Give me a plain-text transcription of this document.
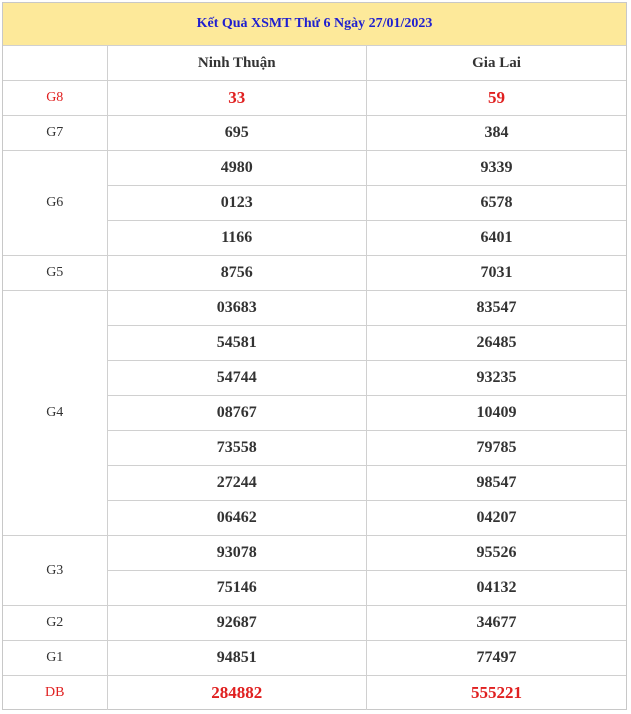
Kết Quả XSMT Thứ 6 Ngày 27/01/2023
	Ninh Thuận	Gia Lai
G8	33	59
G7	695	384
G6	4980	9339
	0123	6578
	1166	6401
G5	8756	7031
G4	03683	83547
	54581	26485
	54744	93235
	08767	10409
	73558	79785
	27244	98547
	06462	04207
G3	93078	95526
	75146	04132
G2	92687	34677
G1	94851	77497
DB	284882	555221
